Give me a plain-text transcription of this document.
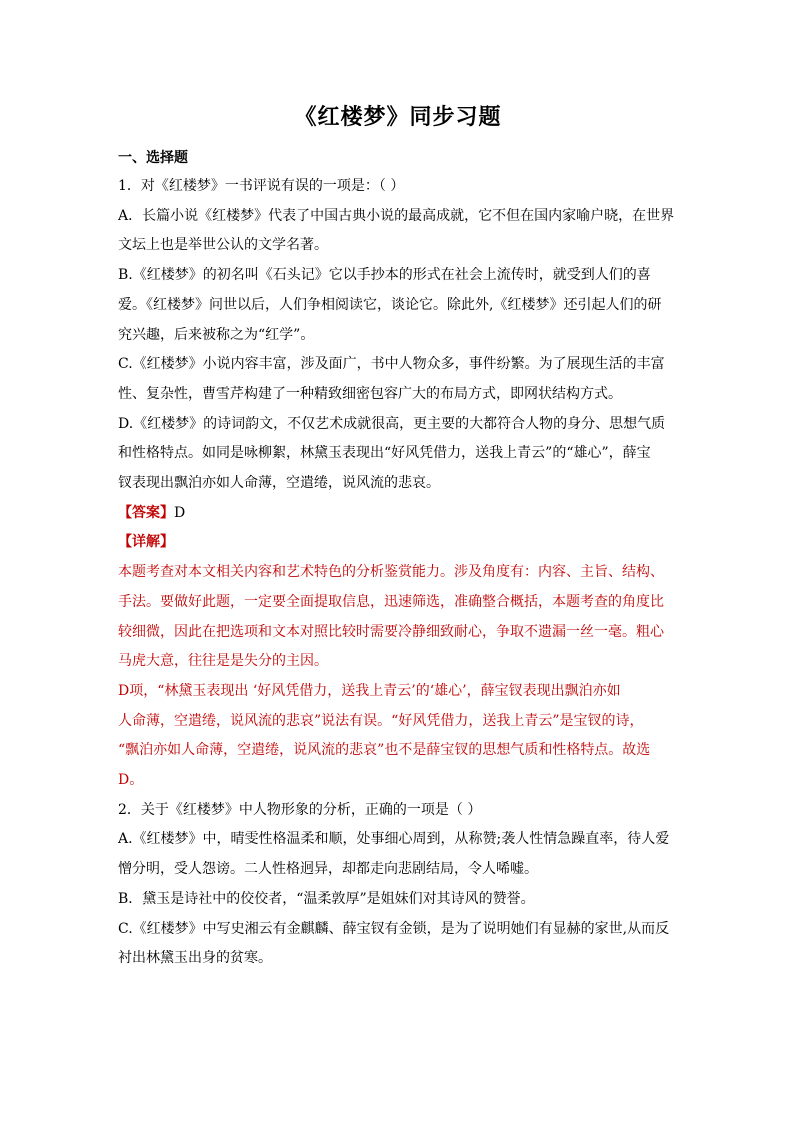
《红楼梦》同步习题

一、选择题

1．对《红楼梦》一书评说有误的一项是：（ ）

A．长篇小说《红楼梦》代表了中国古典小说的最高成就，它不但在国内家喻户晓，在世界

文坛上也是举世公认的文学名著。

B.《红楼梦》的初名叫《石头记》它以手抄本的形式在社会上流传时，就受到人们的喜

爱。《红楼梦》问世以后，人们争相阅读它，谈论它。除此外,《红楼梦》还引起人们的研

究兴趣，后来被称之为“红学”。

C.《红楼梦》小说内容丰富，涉及面广，书中人物众多，事件纷繁。为了展现生活的丰富

性、复杂性，曹雪芹构建了一种精致细密包容广大的布局方式，即网状结构方式。

D.《红楼梦》的诗词韵文，不仅艺术成就很高，更主要的大都符合人物的身分、思想气质

和性格特点。如同是咏柳絮，林黛玉表现出“好风凭借力，送我上青云”的“雄心”，薛宝

钗表现出飘泊亦如人命薄，空遣绻，说风流的悲哀。

【答案】D

【详解】

本题考查对本文相关内容和艺术特色的分析鉴赏能力。涉及角度有：内容、主旨、结构、

手法。要做好此题，一定要全面提取信息，迅速筛选，准确整合概括，本题考查的角度比

较细微，因此在把选项和文本对照比较时需要冷静细致耐心，争取不遗漏一丝一毫。粗心

马虎大意，往往是是失分的主因。

D项，“林黛玉表现出 ‘好风凭借力，送我上青云’的‘雄心’，薛宝钗表现出飘泊亦如

人命薄，空遣绻，说风流的悲哀”说法有误。“好风凭借力，送我上青云”是宝钗的诗，

“飘泊亦如人命薄，空遣绻，说风流的悲哀”也不是薛宝钗的思想气质和性格特点。故选

D。

2．关于《红楼梦》中人物形象的分析，正确的一项是（ ）

A.《红楼梦》中，晴雯性格温柔和顺，处事细心周到，从称赞;袭人性情急躁直率，待人爱

憎分明，受人怨谤。二人性格迥异，却都走向悲剧结局，令人唏嘘。

B．黛玉是诗社中的佼佼者，“温柔敦厚”是姐妹们对其诗风的赞誉。

C.《红楼梦》中写史湘云有金麒麟、薛宝钗有金锁，是为了说明她们有显赫的家世,从而反

衬出林黛玉出身的贫寒。
